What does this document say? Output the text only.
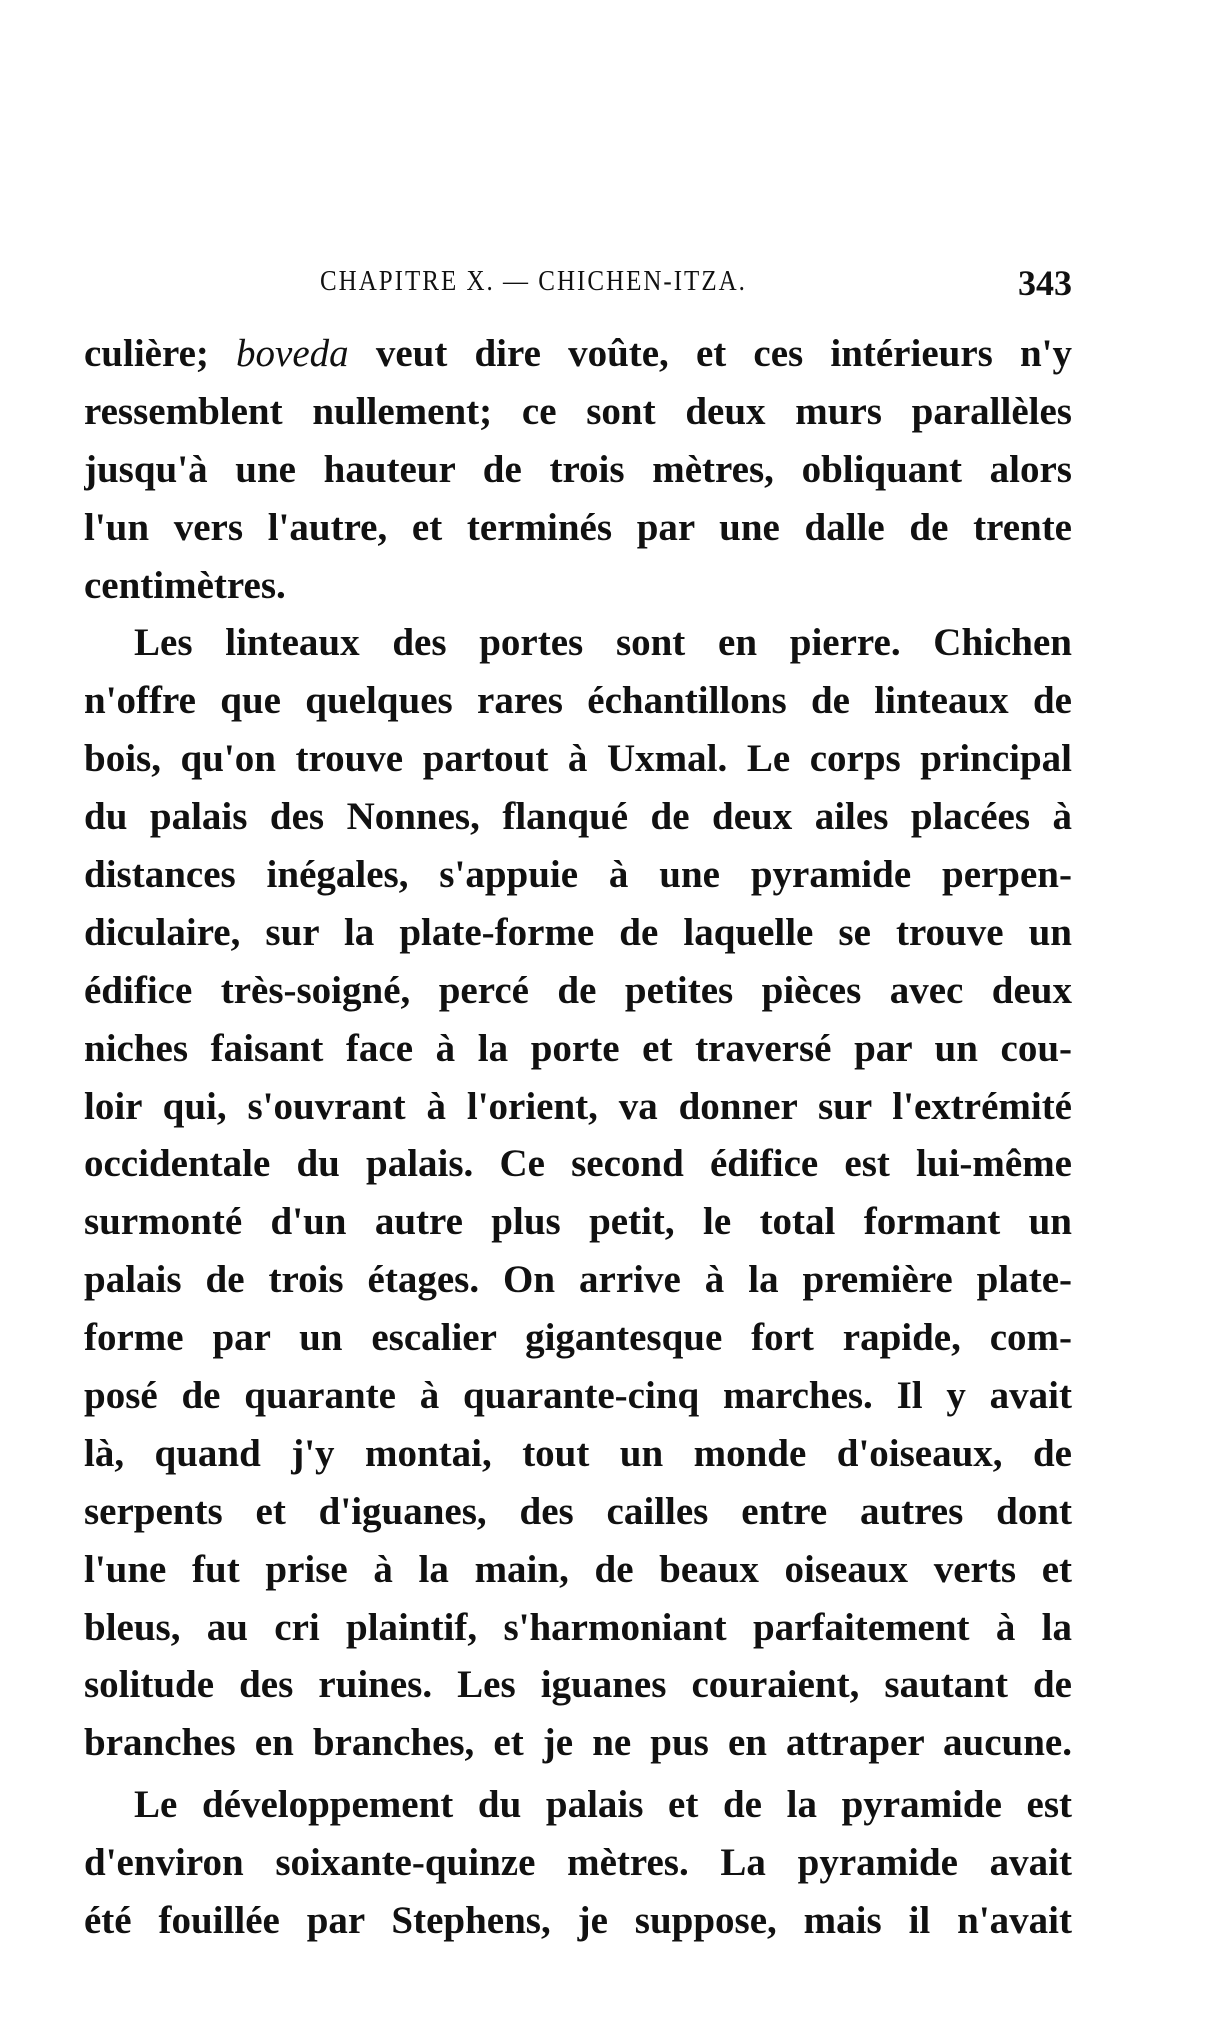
CHAPITRE X. — CHICHEN-ITZA.	343
culière; boveda veut dire voûte, et ces intérieurs n'y
ressemblent nullement; ce sont deux murs parallèles
jusqu'à une hauteur de trois mètres, obliquant alors
l'un vers l'autre, et terminés par une dalle de trente
centimètres.
Les linteaux des portes sont en pierre. Chichen
n'offre que quelques rares échantillons de linteaux de
bois, qu'on trouve partout à Uxmal. Le corps principal
du palais des Nonnes, flanqué de deux ailes placées à
distances inégales, s'appuie à une pyramide perpen-
diculaire, sur la plate-forme de laquelle se trouve un
édifice très-soigné, percé de petites pièces avec deux
niches faisant face à la porte et traversé par un cou-
loir qui, s'ouvrant à l'orient, va donner sur l'extrémité
occidentale du palais. Ce second édifice est lui-même
surmonté d'un autre plus petit, le total formant un
palais de trois étages. On arrive à la première plate-
forme par un escalier gigantesque fort rapide, com-
posé de quarante à quarante-cinq marches. Il y avait
là, quand j'y montai, tout un monde d'oiseaux, de
serpents et d'iguanes, des cailles entre autres dont
l'une fut prise à la main, de beaux oiseaux verts et
bleus, au cri plaintif, s'harmoniant parfaitement à la
solitude des ruines. Les iguanes couraient, sautant de
branches en branches, et je ne pus en attraper aucune.
Le développement du palais et de la pyramide est
d'environ soixante-quinze mètres. La pyramide avait
été fouillée par Stephens, je suppose, mais il n'avait
